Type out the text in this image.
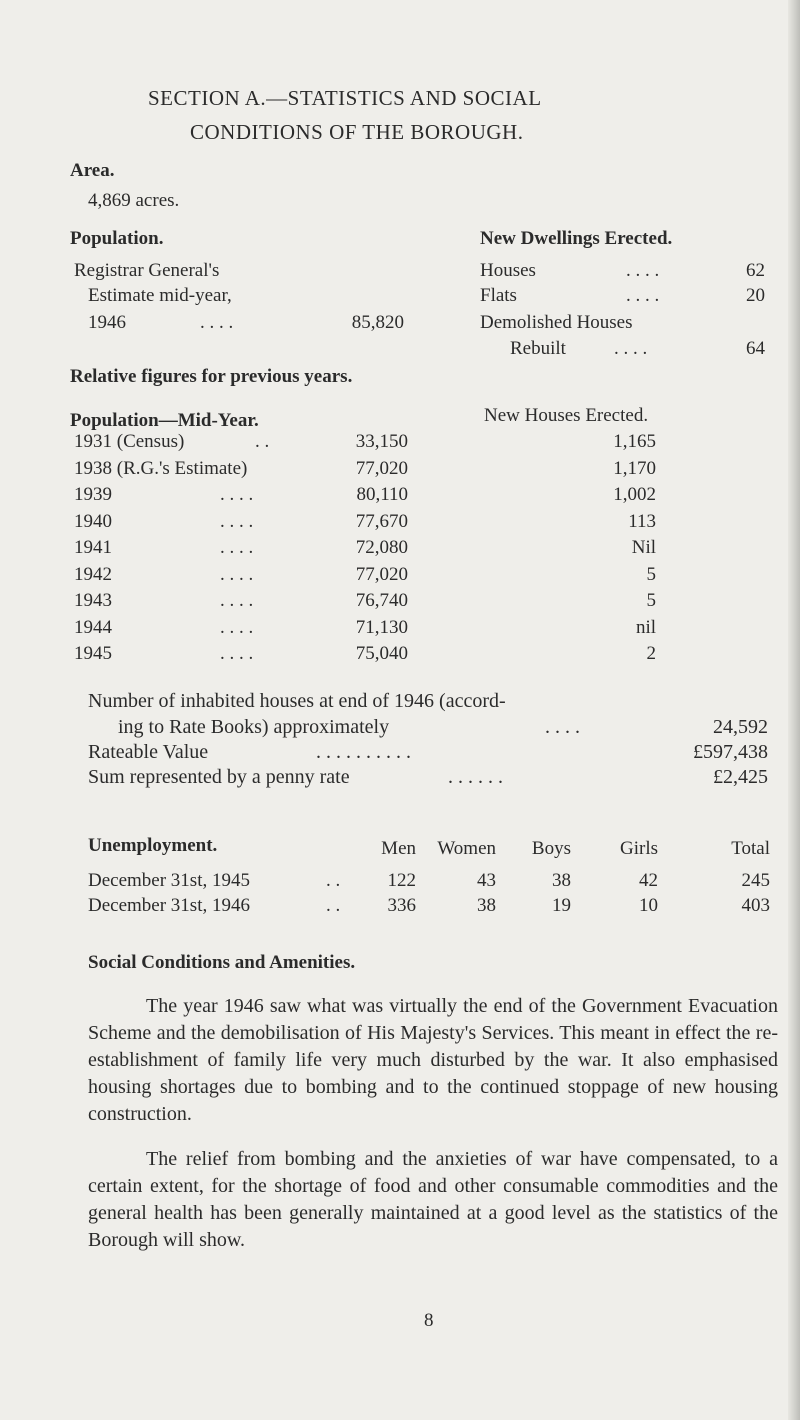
SECTION A.—STATISTICS AND SOCIAL
CONDITIONS OF THE BOROUGH.
Area.
4,869 acres.
Population.
Registrar General's
Estimate mid-year,
1946	. . . .	85,820
New Dwellings Erected.
Houses	. . . .	62
Flats	. . . .	20
Demolished Houses
Rebuilt	. . . .	64
Relative figures for previous years.
Population—Mid-Year.	New Houses Erected.
1931 (Census)	. .	33,150	1,165
1938 (R.G.'s Estimate)	77,020	1,170
1939	. . . .	80,110	1,002
1940	. . . .	77,670	113
1941	. . . .	72,080	Nil
1942	. . . .	77,020	5
1943	. . . .	76,740	5
1944	. . . .	71,130	nil
1945	. . . .	75,040	2
Number of inhabited houses at end of 1946 (accord-
ing to Rate Books) approximately	. . . .	24,592
Rateable Value	. . . . . . . . . .	£597,438
Sum represented by a penny rate	. . . . . .	£2,425
Unemployment.	Men	Women	Boys	Girls	Total
December 31st, 1945	. .	122	43	38	42	245
December 31st, 1946	. .	336	38	19	10	403
Social Conditions and Amenities.

The year 1946 saw what was virtually the end of the Government Evacuation Scheme and the demobilisation of His Majesty's Services. This meant in effect the re-establishment of family life very much disturbed by the war. It also emphasised housing shortages due to bombing and to the continued stoppage of new housing construction.

The relief from bombing and the anxieties of war have compensated, to a certain extent, for the shortage of food and other consumable commodities and the general health has been generally maintained at a good level as the statistics of the Borough will show.

8
